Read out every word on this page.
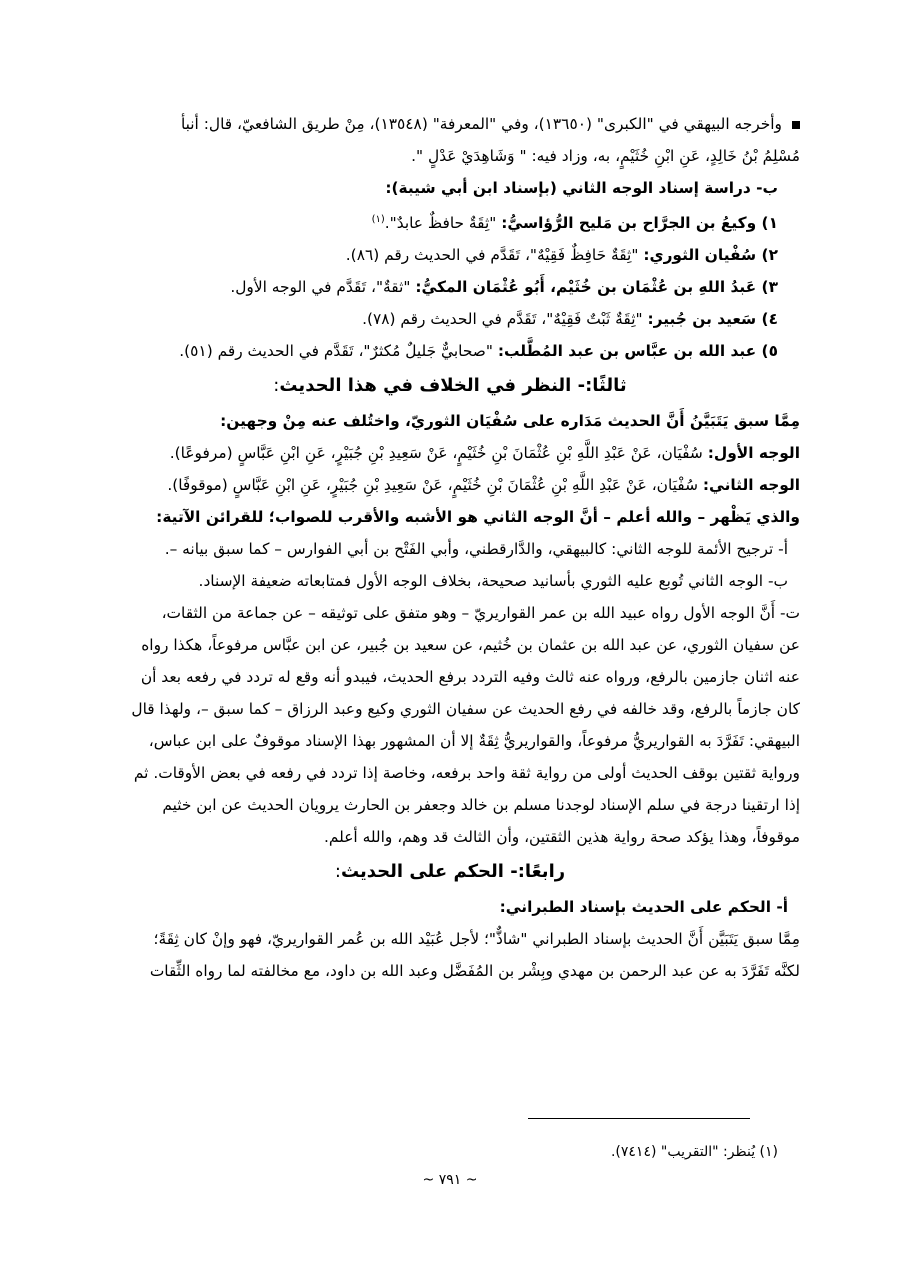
وأخرجه البيهقي في "الكبرى" (١٣٦٥٠)، وفي "المعرفة" (١٣٥٤٨)، مِنْ طريق الشافعيّ، قال: أنبأ

مُسْلِمُ بْنُ خَالِدٍ، عَنِ ابْنِ خُثَيْمٍ، به، وزاد فيه: " وَشَاهِدَيْ عَدْلٍ ".

ب- دراسة إسناد الوجه الثاني (بإسناد ابن أبي شيبة):

١) وكيعُ بن الجرَّاح بن مَليح الرُّؤاسيُّ: "ثِقَةٌ حافظٌ عابدٌ".$^{(١)}$

٢) سُفْيان الثوري: "ثِقَةٌ حَافِظٌ فَقِيْهٌ"، تَقَدَّم في الحديث رقم (٨٦).

٣) عَبدُ اللهِ بن عُثْمَان بن خُثَيْم، أَبُو عُثْمَان المكيُّ: "ثقةٌ"، تَقَدَّم في الوجه الأول.

٤) سَعيد بن جُبير: "ثِقَةٌ ثَبْتٌ فَقِيْهٌ"، تَقَدَّم في الحديث رقم (٧٨).

٥) عبد الله بن عبَّاس بن عبد المُطَّلب: "صحابيٌّ جَليلٌ مُكثرٌ"، تَقَدَّم في الحديث رقم (٥١).

ثالثًا:- النظر في الخلاف في هذا الحديث:

مِمَّا سبق يَتَبَيَّنُ أَنَّ الحديث مَدَاره على سُفْيَان الثوريّ، واختُلف عنه مِنْ وجهين:

الوجه الأول: سُفْيَان، عَنْ عَبْدِ اللَّهِ بْنِ عُثْمَانَ بْنِ خُثَيْمٍ، عَنْ سَعِيدِ بْنِ جُبَيْرٍ، عَنِ ابْنِ عَبَّاسٍ (مرفوعًا).

الوجه الثاني: سُفْيَان، عَنْ عَبْدِ اللَّهِ بْنِ عُثْمَانَ بْنِ خُثَيْمٍ، عَنْ سَعِيدِ بْنِ جُبَيْرٍ، عَنِ ابْنِ عَبَّاسٍ (موقوفًا).

والذي يَظْهر – والله أعلم – أنَّ الوجه الثاني هو الأشبه والأقرب للصواب؛ للقرائن الآتية:

أ- ترجيح الأئمة للوجه الثاني: كالبيهقي، والدَّارقطني، وأبي الفَتْح بن أبي الفوارس – كما سبق بيانه –.

ب- الوجه الثاني تُوبع عليه الثوري بأسانيد صحيحة، بخلاف الوجه الأول فمتابعاته ضعيفة الإسناد.

ت- أَنَّ الوجه الأول رواه عبيد الله بن عمر القواريريّ – وهو متفق على توثيقه – عن جماعة من الثقات،

عن سفيان الثوري، عن عبد الله بن عثمان بن خُثيم، عن سعيد بن جُبير، عن ابن عبَّاس مرفوعاً، هكذا رواه

عنه اثنان جازمين بالرفع، ورواه عنه ثالث وفيه التردد برفع الحديث، فيبدو أنه وقع له تردد في رفعه بعد أن

كان جازماً بالرفع، وقد خالفه في رفع الحديث عن سفيان الثوري وكيع وعبد الرزاق – كما سبق –، ولهذا قال

البيهقي: تَفَرَّدَ به القواريريُّ مرفوعاً، والقواريريُّ ثِقَةٌ إلا أن المشهور بهذا الإسناد موقوفٌ على ابن عباس،

ورواية ثقتين بوقف الحديث أولى من رواية ثقة واحد برفعه، وخاصة إذا تردد في رفعه في بعض الأوقات. ثم

إذا ارتقينا درجة في سلم الإسناد لوجدنا مسلم بن خالد وجعفر بن الحارث يرويان الحديث عن ابن خثيم

موقوفاً، وهذا يؤكد صحة رواية هذين الثقتين، وأن الثالث قد وهم، والله أعلم.

رابعًا:- الحكم على الحديث:

أ- الحكم على الحديث بإسناد الطبراني:

مِمَّا سبق يَتَبَيَّن أَنَّ الحديث بإسناد الطبراني "شاذٌّ"؛ لأجل عُبَيْد الله بن عُمر القواريريّ، فهو وإنْ كان ثِقَةً؛

لكنَّه تَفَرَّدَ به عن عبد الرحمن بن مهدي وبِشْر بن المُفَضَّل وعبد الله بن داود، مع مخالفته لما رواه الثِّقات

(١) يُنظر: "التقريب" (٧٤١٤).

~ ٧٩١ ~
